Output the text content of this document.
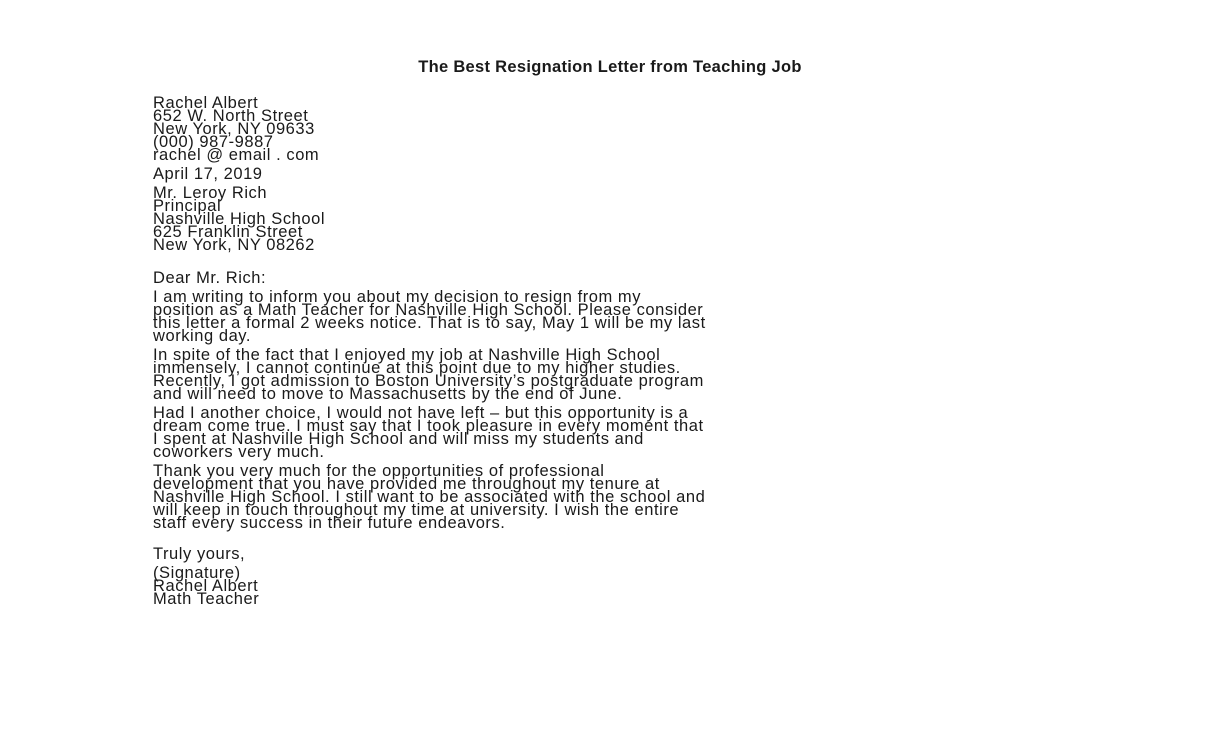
The Best Resignation Letter from Teaching Job
Rachel Albert
652 W. North Street
New York, NY 09633
(000) 987-9887
rachel @ email . com
April 17, 2019
Mr. Leroy Rich
Principal
Nashville High School
625 Franklin Street
New York, NY 08262
Dear Mr. Rich:
I am writing to inform you about my decision to resign from my
position as a Math Teacher for Nashville High School. Please consider
this letter a formal 2 weeks notice. That is to say, May 1 will be my last
working day.
In spite of the fact that I enjoyed my job at Nashville High School
immensely, I cannot continue at this point due to my higher studies.
Recently, I got admission to Boston University’s postgraduate program
and will need to move to Massachusetts by the end of June.
Had I another choice, I would not have left – but this opportunity is a
dream come true. I must say that I took pleasure in every moment that
I spent at Nashville High School and will miss my students and
coworkers very much.
Thank you very much for the opportunities of professional
development that you have provided me throughout my tenure at
Nashville High School. I still want to be associated with the school and
will keep in touch throughout my time at university. I wish the entire
staff every success in their future endeavors.
Truly yours,
(Signature)
Rachel Albert
Math Teacher
